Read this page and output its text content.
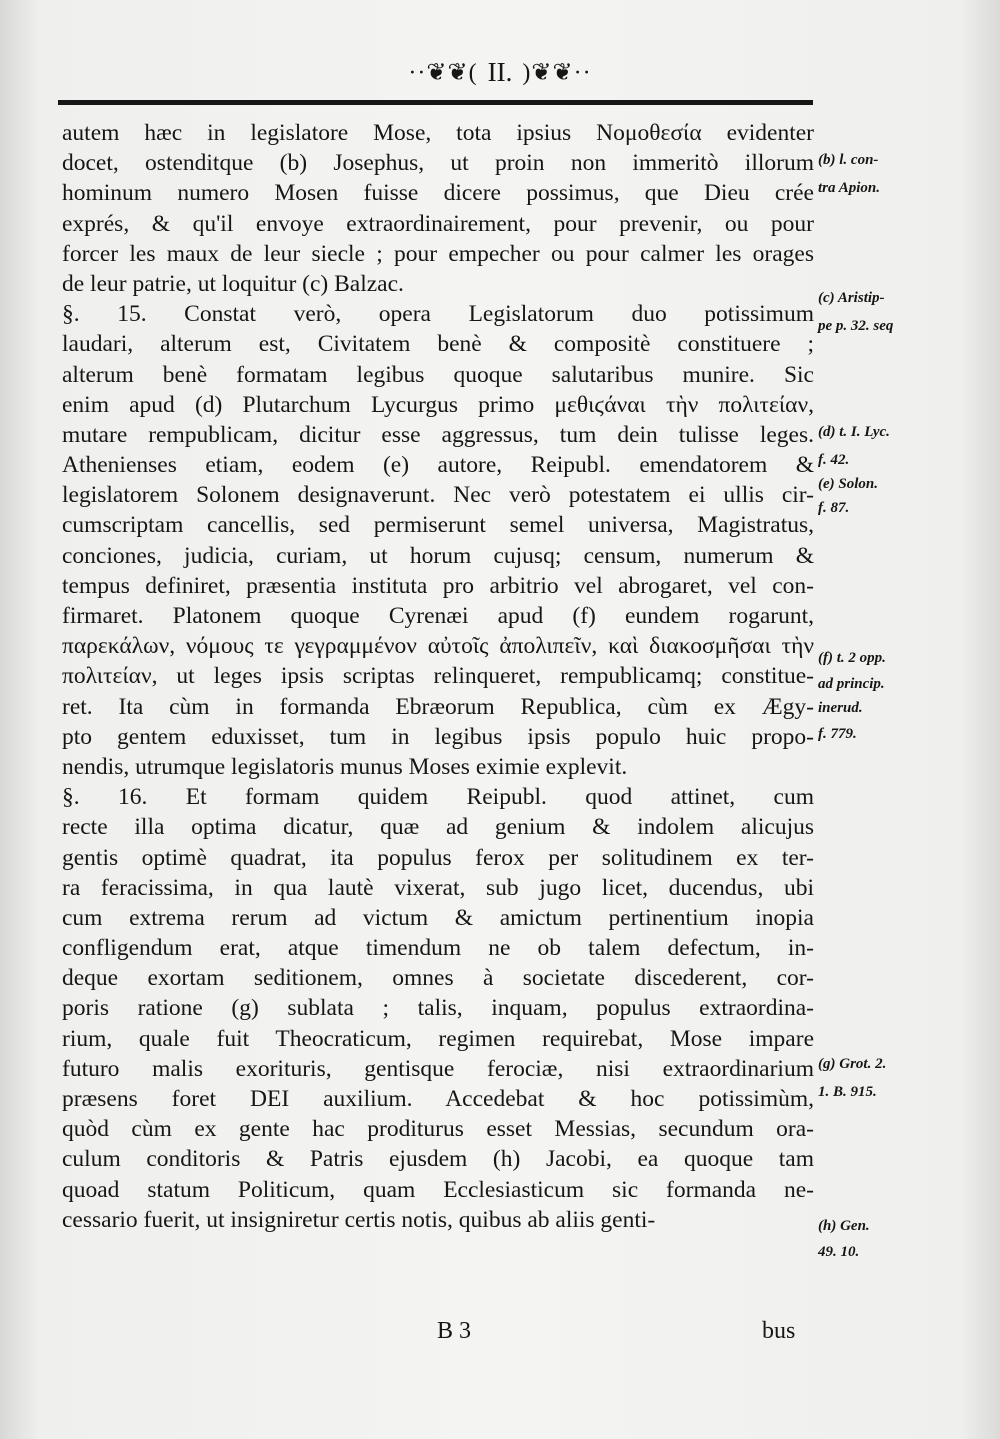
··❦❦( II. )❦❦··
autem hæc in legislatore Mose, tota ipsius Νομοθεσία evidenter
docet, ostenditque (b) Josephus, ut proin non immeritò illorum
hominum numero Mosen fuisse dicere possimus, que Dieu crée
exprés, & qu'il envoye extraordinairement, pour prevenir, ou pour
forcer les maux de leur siecle ; pour empecher ou pour calmer les orages
de leur patrie, ut loquitur (c) Balzac.
§. 15. Constat verò, opera Legislatorum duo potissimum
laudari, alterum est, Civitatem benè & compositè constituere ;
alterum benè formatam legibus quoque salutaribus munire. Sic
enim apud (d) Plutarchum Lycurgus primo μεθιϛάναι τὴν πολιτείαν,
mutare rempublicam, dicitur esse aggressus, tum dein tulisse leges.
Athenienses etiam, eodem (e) autore, Reipubl. emendatorem &
legislatorem Solonem designaverunt. Nec verò potestatem ei ullis cir-
cumscriptam cancellis, sed permiserunt semel universa, Magistratus,
conciones, judicia, curiam, ut horum cujusq; censum, numerum &
tempus definiret, præsentia instituta pro arbitrio vel abrogaret, vel con-
firmaret. Platonem quoque Cyrenæi apud (f) eundem rogarunt,
παρεκάλων, νόμους τε γεγραμμένον αὐτοῖς ἀπολιπεῖν, καὶ διακοσμῆσαι τὴν
πολιτείαν, ut leges ipsis scriptas relinqueret, rempublicamq; constitue-
ret. Ita cùm in formanda Ebræorum Republica, cùm ex Ægy-
pto gentem eduxisset, tum in legibus ipsis populo huic propo-
nendis, utrumque legislatoris munus Moses eximie explevit.
§. 16. Et formam quidem Reipubl. quod attinet, cum
recte illa optima dicatur, quæ ad genium & indolem alicujus
gentis optimè quadrat, ita populus ferox per solitudinem ex ter-
ra feracissima, in qua lautè vixerat, sub jugo licet, ducendus, ubi
cum extrema rerum ad victum & amictum pertinentium inopia
confligendum erat, atque timendum ne ob talem defectum, in-
deque exortam seditionem, omnes à societate discederent, cor-
poris ratione (g) sublata ; talis, inquam, populus extraordina-
rium, quale fuit Theocraticum, regimen requirebat, Mose impare
futuro malis exorituris, gentisque ferociæ, nisi extraordinarium
præsens foret DEI auxilium. Accedebat & hoc potissimùm,
quòd cùm ex gente hac proditurus esset Messias, secundum ora-
culum conditoris & Patris ejusdem (h) Jacobi, ea quoque tam
quoad statum Politicum, quam Ecclesiasticum sic formanda ne-
cessario fuerit, ut insigniretur certis notis, quibus ab aliis genti-
(b) l. con-
tra Apion.
(c) Aristip-
pe p. 32. seq
(d) t. I. Lyc.
f. 42.
(e) Solon.
f. 87.
(f) t. 2 opp.
ad princip.
inerud.
f. 779.
(g) Grot. 2.
1. B. 915.
(h) Gen.
49. 10.
B 3	bus
